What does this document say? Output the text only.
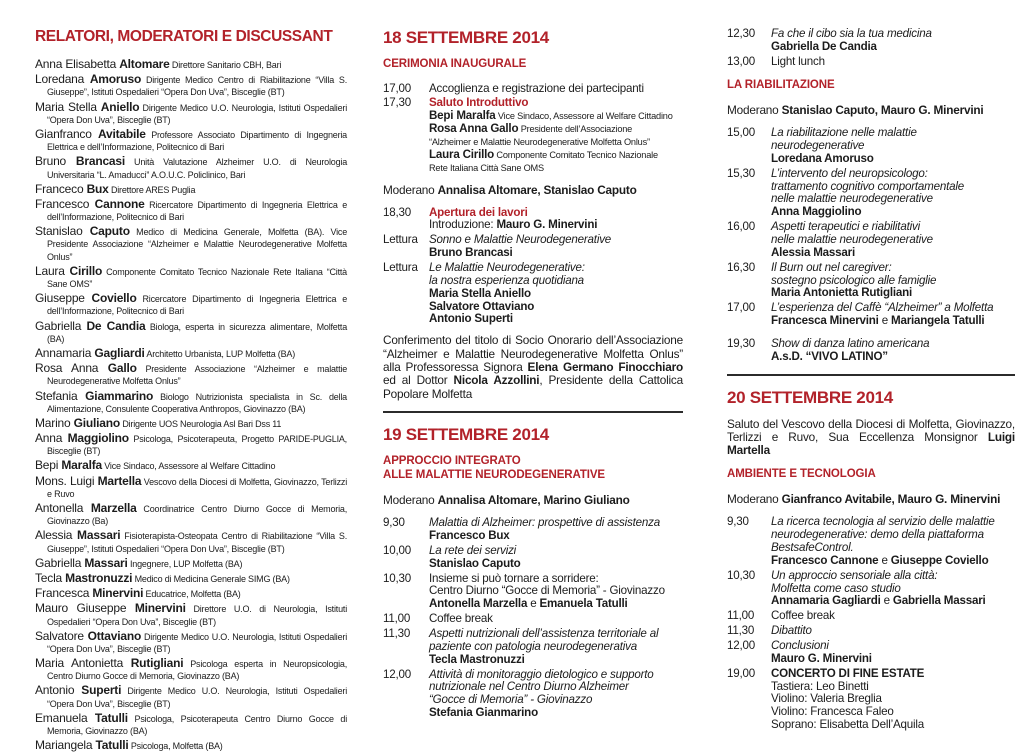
RELATORI, MODERATORI E DISCUSSANT
Anna Elisabetta Altomare Direttore Sanitario CBH, Bari
Loredana Amoruso Dirigente Medico Centro di Riabilitazione “Villa S. Giuseppe”, Istituti Ospedalieri “Opera Don Uva”, Bisceglie (BT)
Maria Stella Aniello Dirigente Medico U.O. Neurologia, Istituti Ospedalieri “Opera Don Uva”, Bisceglie (BT)
Gianfranco Avitabile Professore Associato Dipartimento di Ingegneria Elettrica e dell’Informazione, Politecnico di Bari
Bruno Brancasi Unità Valutazione Alzheimer U.O. di Neurologia Universitaria “L. Amaducci” A.O.U.C. Policlinico, Bari
Franceco Bux Direttore ARES Puglia
Francesco Cannone Ricercatore Dipartimento di Ingegneria Elettrica e dell’Informazione, Politecnico di Bari
Stanislao Caputo Medico di Medicina Generale, Molfetta (BA). Vice Presidente Associazione “Alzheimer e Malattie Neurodegenerative Molfetta Onlus”
Laura Cirillo Componente Comitato Tecnico Nazionale Rete Italiana “Città Sane OMS”
Giuseppe Coviello Ricercatore Dipartimento di Ingegneria Elettrica e dell’Informazione, Politecnico di Bari
Gabriella De Candia Biologa, esperta in sicurezza alimentare, Molfetta (BA)
Annamaria Gagliardi Architetto Urbanista, LUP Molfetta (BA)
Rosa Anna Gallo Presidente Associazione “Alzheimer e malattie Neurodegenerative Molfetta Onlus”
Stefania Giammarino Biologo Nutrizionista specialista in Sc. della Alimentazione, Consulente Cooperativa Anthropos, Giovinazzo (BA)
Marino Giuliano Dirigente UOS Neurologia Asl Bari Dss 11
Anna Maggiolino Psicologa, Psicoterapeuta, Progetto PARIDE-PUGLIA, Bisceglie (BT)
Bepi Maralfa Vice Sindaco, Assessore al Welfare Cittadino
Mons. Luigi Martella Vescovo della Diocesi di Molfetta, Giovinazzo, Terlizzi e Ruvo
Antonella Marzella Coordinatrice Centro Diurno Gocce di Memoria, Giovinazzo (Ba)
Alessia Massari Fisioterapista-Osteopata Centro di Riabilitazione “Villa S. Giuseppe”, Istituti Ospedalieri “Opera Don Uva”, Bisceglie (BT)
Gabriella Massari Ingegnere, LUP Molfetta (BA)
Tecla Mastronuzzi Medico di Medicina Generale SIMG (BA)
Francesca Minervini Educatrice, Molfetta (BA)
Mauro Giuseppe Minervini Direttore U.O. di Neurologia, Istituti Ospedalieri “Opera Don Uva”, Bisceglie (BT)
Salvatore Ottaviano Dirigente Medico U.O. Neurologia, Istituti Ospedalieri “Opera Don Uva”, Bisceglie (BT)
Maria Antonietta Rutigliani Psicologa esperta in Neuropsicologia, Centro Diurno Gocce di Memoria, Giovinazzo (BA)
Antonio Superti Dirigente Medico U.O. Neurologia, Istituti Ospedalieri “Opera Don Uva”, Bisceglie (BT)
Emanuela Tatulli Psicologa, Psicoterapeuta Centro Diurno Gocce di Memoria, Giovinazzo (BA)
Mariangela Tatulli Psicologa, Molfetta (BA)
18 SETTEMBRE 2014
CERIMONIA INAUGURALE
17,00	Accoglienza e registrazione dei partecipanti
17,30	Saluto Introduttivo
Bepi Maralfa Vice Sindaco, Assessore al Welfare Cittadino
Rosa Anna Gallo Presidente dell’Associazione
“Alzheimer e Malattie Neurodegenerative Molfetta Onlus”
Laura Cirillo Componente Comitato Tecnico Nazionale
Rete Italiana Città Sane OMS
Moderano Annalisa Altomare, Stanislao Caputo
18,30	Apertura dei lavori
Introduzione: Mauro G. Minervini
Lettura Sonno e Malattie Neurodegenerative
Bruno Brancasi
Lettura Le Malattie Neurodegenerative:
la nostra esperienza quotidiana
Maria Stella Aniello
Salvatore Ottaviano
Antonio Superti
Conferimento del titolo di Socio Onorario dell’Associazione “Alzheimer e Malattie Neurodegenerative Molfetta Onlus” alla Professoressa Signora Elena Germano Finocchiaro ed al Dottor Nicola Azzollini, Presidente della Cattolica Popolare Molfetta
19 SETTEMBRE 2014
APPROCCIO INTEGRATO
ALLE MALATTIE NEURODEGENERATIVE
Moderano Annalisa Altomare, Marino Giuliano
9,30	Malattia di Alzheimer: prospettive di assistenza
Francesco Bux
10,00	La rete dei servizi
Stanislao Caputo
10,30	Insieme si può tornare a sorridere:
Centro Diurno “Gocce di Memoria” - Giovinazzo
Antonella Marzella e Emanuela Tatulli
11,00	Coffee break
11,30	Aspetti nutrizionali dell’assistenza territoriale al
paziente con patologia neurodegenerativa
Tecla Mastronuzzi
12,00	Attività di monitoraggio dietologico e supporto
nutrizionale nel Centro Diurno Alzheimer
“Gocce di Memoria” - Giovinazzo
Stefania Gianmarino
12,30	Fa che il cibo sia la tua medicina
Gabriella De Candia
13,00	Light lunch
LA RIABILITAZIONE
Moderano Stanislao Caputo, Mauro G. Minervini
15,00	La riabilitazione nelle malattie
neurodegenerative
Loredana Amoruso
15,30	L’intervento del neuropsicologo:
trattamento cognitivo comportamentale
nelle malattie neurodegenerative
Anna Maggiolino
16,00	Aspetti terapeutici e riabilitativi
nelle malattie neurodegenerative
Alessia Massari
16,30	Il Burn out nel caregiver:
sostegno psicologico alle famiglie
Maria Antonietta Rutigliani
17,00	L’esperienza del Caffè “Alzheimer” a Molfetta
Francesca Minervini e Mariangela Tatulli
19,30	Show di danza latino americana
A.s.D. “VIVO LATINO”
20 SETTEMBRE 2014
Saluto del Vescovo della Diocesi di Molfetta, Giovinazzo, Terlizzi e Ruvo, Sua Eccellenza Monsignor Luigi Martella
AMBIENTE E TECNOLOGIA
Moderano Gianfranco Avitabile, Mauro G. Minervini
9,30	La ricerca tecnologia al servizio delle malattie
neurodegenerative: demo della piattaforma
BestsafeControl.
Francesco Cannone e Giuseppe Coviello
10,30	Un approccio sensoriale alla città:
Molfetta come caso studio
Annamaria Gagliardi e Gabriella Massari
11,00	Coffee break
11,30	Dibattito
12,00	Conclusioni
Mauro G. Minervini
19,00	CONCERTO DI FINE ESTATE
Tastiera: Leo Binetti
Violino: Valeria Breglia
Violino: Francesca Faleo
Soprano: Elisabetta Dell’Aquila
